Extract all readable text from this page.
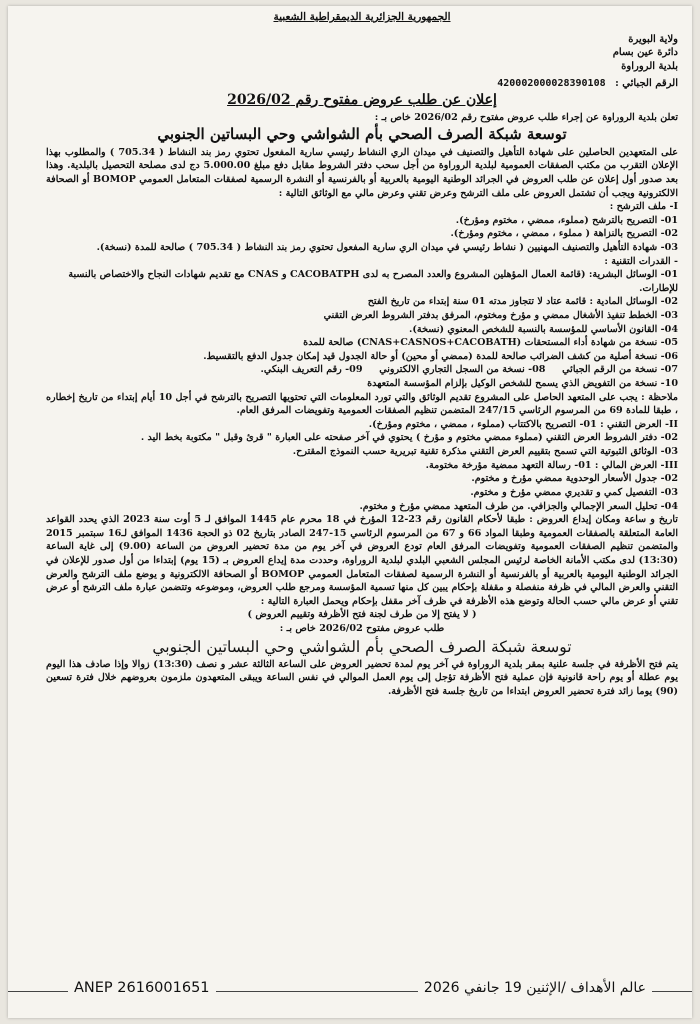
الجمهورية الجزائرية الديمقراطية الشعبية

ولاية البويرة
دائرة عين بسام
بلدية الروراوة
الرقم الجبائي : 420002000028390108

إعلان عن طلب عروض مفتوح رقم 2026/02

تعلن بلدية الروراوة عن إجراء طلب عروض مفتوح رقم 2026/02 خاص بـ :

توسعة شبكة الصرف الصحي بأم الشواشي وحي البساتين الجنوبي

على المتعهدين الحاصلين على شهادة التأهيل والتصنيف في ميدان الري النشاط رئيسي سارية المفعول تحتوي رمز بند النشاط ( 705.34 ) والمطلوب بهذا الإعلان التقرب من مكتب الصفقات العمومية لبلدية الروراوة من أجل سحب دفتر الشروط مقابل دفع مبلغ 5.000.00 دج لدى مصلحة التحصيل بالبلدية. وهذا بعد صدور أول إعلان عن طلب العروض في الجرائد الوطنية اليومية بالعربية أو بالفرنسية أو النشرة الرسمية لصفقات المتعامل العمومي BOMOP أو الصحافة الالكترونية ويجب أن تشتمل العروض على ملف الترشح وعرض تقني وعرض مالي مع الوثائق التالية :

I- ملف الترشح :

01- التصريح بالترشح (مملوء، ممضي ، مختوم ومؤرخ).

02- التصريح بالنزاهة ( مملوء ، ممضي ، مختوم ومؤرخ).

03- شهادة التأهيل والتصنيف المهنيين ( نشاط رئيسي في ميدان الري سارية المفعول تحتوي رمز بند النشاط ( 705.34 ) صالحة للمدة (نسخة).

- القدرات التقنية :

01- الوسائل البشرية: (قائمة العمال المؤهلين المشروع والعدد المصرح به لدى CACOBATPH و CNAS مع تقديم شهادات النجاح والاختصاص بالنسبة للإطارات.

02- الوسائل المادية : قائمة عتاد لا تتجاوز مدته 01 سنة إبتداء من تاريخ الفتح

03- الخطط تنفيذ الأشغال ممضي و مؤرخ ومختوم، المرفق بدفتر الشروط العرض التقني

04- القانون الأساسي للمؤسسة بالنسبة للشخص المعنوي (نسخة).

05- نسخة من شهادة أداء المستحقات (CNAS+CASNOS+CACOBATH) صالحة للمدة

06- نسخة أصلية من كشف الضرائب صالحة للمدة (ممضي أو محين) أو حالة الجدول قيد إمكان جدول الدفع بالتقسيط.

07- نسخة من الرقم الجبائي     08- نسخة من السجل التجاري الالكتروني     09- رقم التعريف البنكي.

10- نسخة من التفويض الذي يسمح للشخص الوكيل بإلزام المؤسسة المتعهدة

ملاحظة : يجب على المتعهد الحاصل على المشروع تقديم الوثائق والتي تورد المعلومات التي تحتويها التصريح بالترشح في أجل 10 أيام إبتداء من تاريخ إخطاره ، طبقا للمادة 69 من المرسوم الرئاسي 247/15 المتضمن تنظيم الصفقات العمومية وتفويضات المرفق العام.

II- العرض التقني : 01- التصريح بالاكتتاب (مملوء ، ممضي ، مختوم ومؤرخ).

02- دفتر الشروط العرض التقني (مملوء ممضي مختوم و مؤرخ ) يحتوي في آخر صفحته على العبارة " قرئ وقبل " مكتوبة بخط اليد .

03- الوثائق الثبوتية التي تسمح بتقييم العرض التقني مذكرة تقنية تبريرية حسب النموذج المقترح.

III- العرض المالي : 01- رسالة التعهد ممضية مؤرخة مختومة.

02- جدول الأسعار الوحدوية ممضي مؤرخ و مختوم.

03- التفصيل كمي و تقديري ممضي مؤرخ و مختوم.

04- تحليل السعر الإجمالي والجزافي. من طرف المتعهد ممضي مؤرخ و مختوم.

تاريخ و ساعة ومكان إيداع العروض : طبقا لأحكام القانون رقم 23-12 المؤرخ في 18 محرم عام 1445 الموافق لـ 5 أوت سنة 2023 الذي يحدد القواعد العامة المتعلقة بالصفقات العمومية وطبقا المواد 66 و 67 من المرسوم الرئاسي 15-247 الصادر بتاريخ 02 ذو الحجة 1436 الموافق لـ16 سبتمبر 2015 والمتضمن تنظيم الصفقات العمومية وتفويضات المرفق العام تودع العروض في آخر يوم من مدة تحضير العروض من الساعة (9.00) إلى غاية الساعة (13:30) لدى مكتب الأمانة الخاصة لرئيس المجلس الشعبي البلدي لبلدية الروراوة، وحددت مدة إيداع العروض بـ (15 يوم) إبتداءا من أول صدور للإعلان في الجرائد الوطنية اليومية بالعربية أو بالفرنسية أو النشرة الرسمية لصفقات المتعامل العمومي BOMOP أو الصحافة الالكترونية و يوضع ملف الترشح والعرض التقني والعرض المالي في ظرفة منفصلة و مقفلة بإحكام يبين كل منها تسمية المؤسسة ومرجع طلب العروض، وموضوعه وتتضمن عبارة ملف الترشح أو عرض تقني أو عرض مالي حسب الحالة وتوضع هذه الأظرفة في ظرف آخر مقفل بإحكام ويحمل العبارة التالية :

( لا يفتح إلا من طرف لجنة فتح الأظرفة وتقييم العروض )

طلب عروض مفتوح 2026/02 خاص بـ :

توسعة شبكة الصرف الصحي بأم الشواشي وحي البساتين الجنوبي

يتم فتح الأظرفة في جلسة علنية بمقر بلدية الروراوة في آخر يوم لمدة تحضير العروض على الساعة الثالثة عشر و نصف (13:30) زوالا وإذا صادف هذا اليوم يوم عطلة أو يوم راحة قانونية فإن عملية فتح الأظرفة تؤجل إلى يوم العمل الموالي في نفس الساعة ويبقى المتعهدون ملزمون بعروضهم خلال فترة تسعين (90) يوما زائد فترة تحضير العروض ابتداءا من تاريخ جلسة فتح الأظرفة.

ANEP 2616001651	عالم الأهداف /الإثنين 19 جانفي 2026
